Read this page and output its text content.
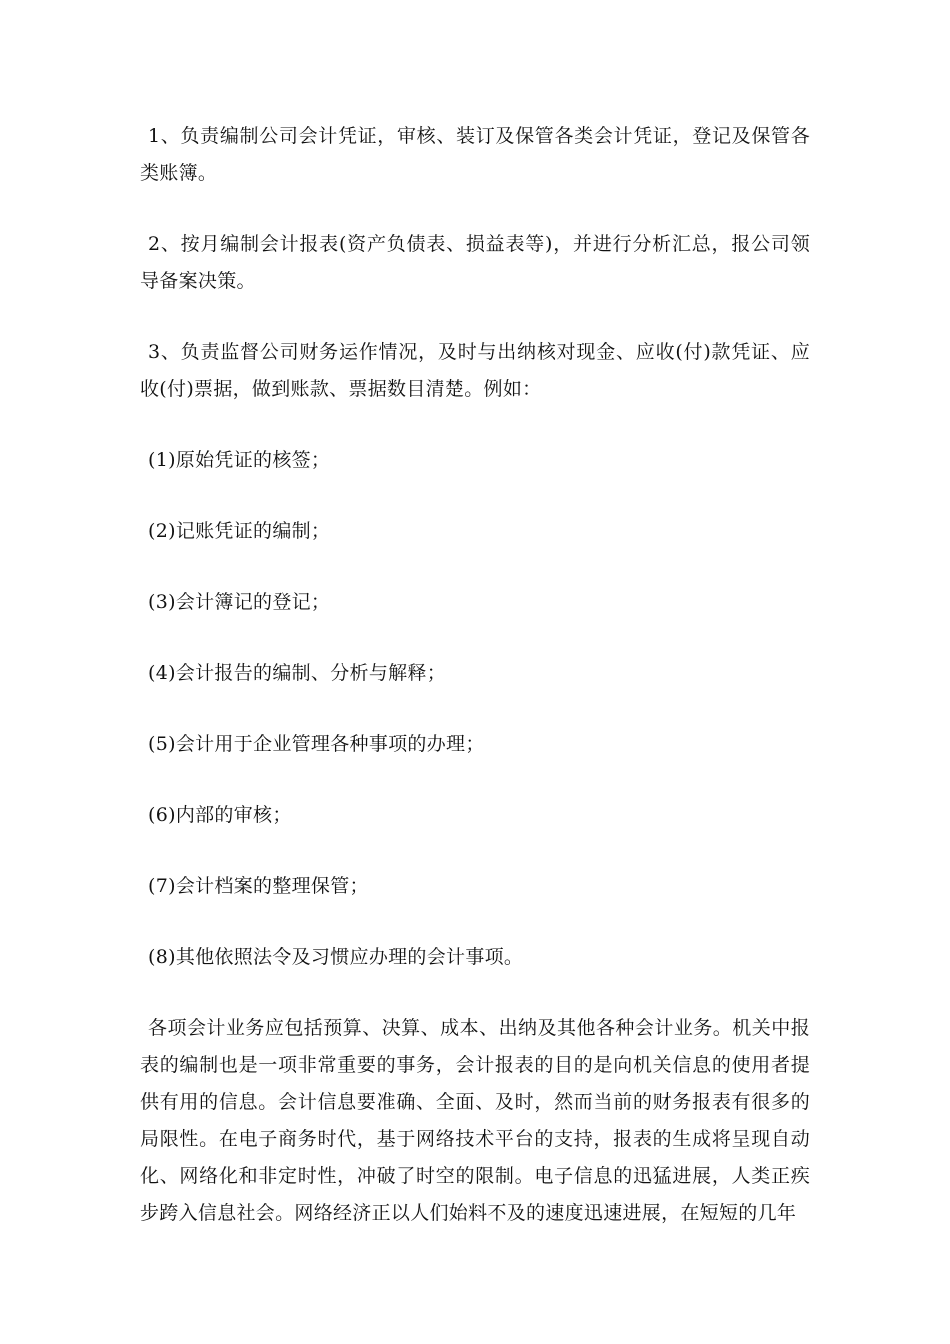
1、负责编制公司会计凭证，审核、装订及保管各类会计凭证，登记及保管各类账簿。

2、按月编制会计报表(资产负债表、损益表等)，并进行分析汇总，报公司领导备案决策。

3、负责监督公司财务运作情况，及时与出纳核对现金、应收(付)款凭证、应收(付)票据，做到账款、票据数目清楚。例如：

(1)原始凭证的核签；

(2)记账凭证的编制；

(3)会计簿记的登记；

(4)会计报告的编制、分析与解释；

(5)会计用于企业管理各种事项的办理；

(6)内部的审核；

(7)会计档案的整理保管；

(8)其他依照法令及习惯应办理的会计事项。

各项会计业务应包括预算、决算、成本、出纳及其他各种会计业务。机关中报表的编制也是一项非常重要的事务，会计报表的目的是向机关信息的使用者提供有用的信息。会计信息要准确、全面、及时，然而当前的财务报表有很多的局限性。在电子商务时代，基于网络技术平台的支持，报表的生成将呈现自动化、网络化和非定时性，冲破了时空的限制。电子信息的迅猛进展，人类正疾步跨入信息社会。网络经济正以人们始料不及的速度迅速进展，在短短的几年
